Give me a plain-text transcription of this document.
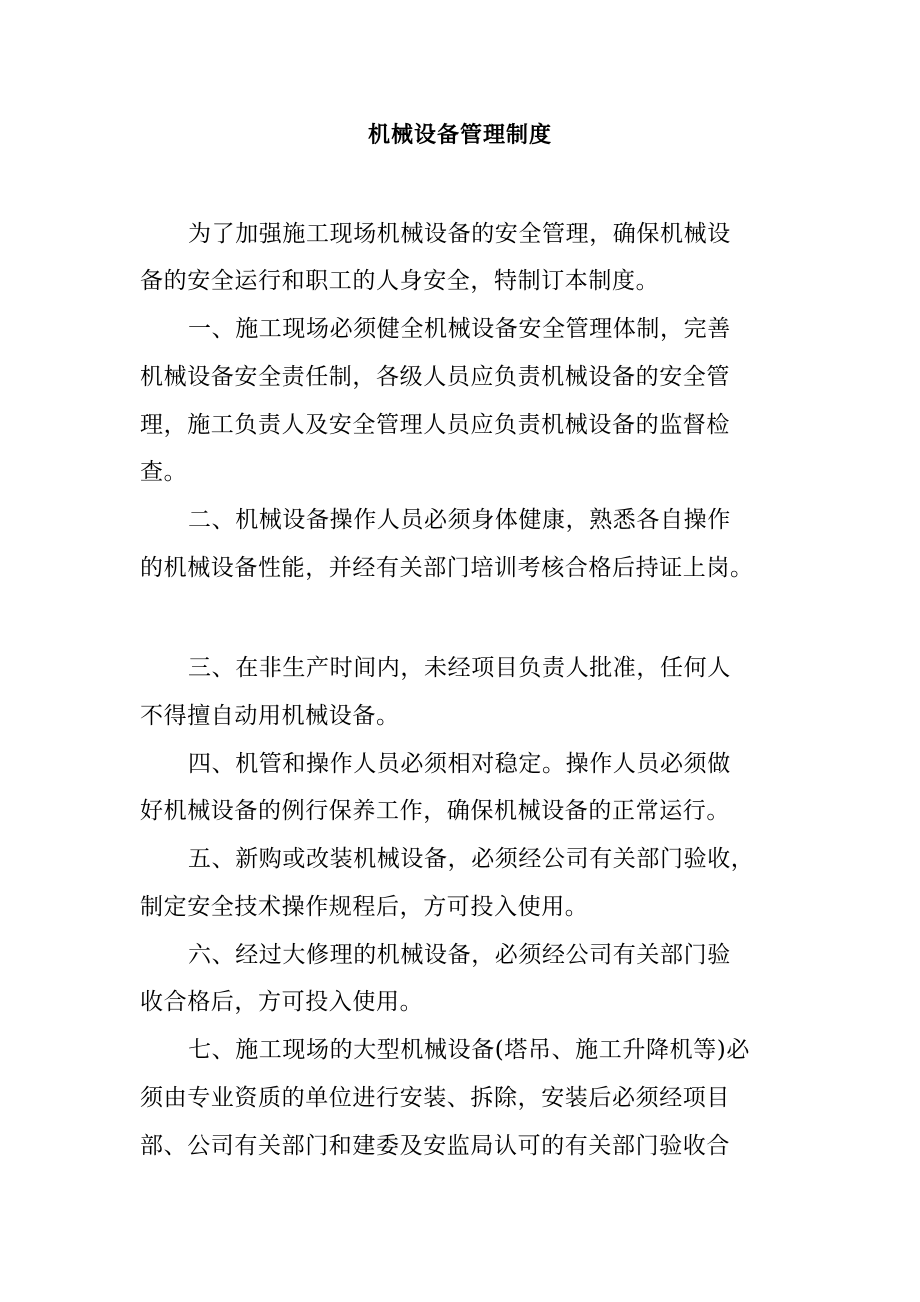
机械设备管理制度
为了加强施工现场机械设备的安全管理，确保机械设
备的安全运行和职工的人身安全，特制订本制度。
一、施工现场必须健全机械设备安全管理体制，完善
机械设备安全责任制，各级人员应负责机械设备的安全管
理，施工负责人及安全管理人员应负责机械设备的监督检
查。
二、机械设备操作人员必须身体健康，熟悉各自操作
的机械设备性能，并经有关部门培训考核合格后持证上岗。
三、在非生产时间内，未经项目负责人批准，任何人
不得擅自动用机械设备。
四、机管和操作人员必须相对稳定。操作人员必须做
好机械设备的例行保养工作，确保机械设备的正常运行。
五、新购或改装机械设备，必须经公司有关部门验收，
制定安全技术操作规程后，方可投入使用。
六、经过大修理的机械设备，必须经公司有关部门验
收合格后，方可投入使用。
七、施工现场的大型机械设备(塔吊、施工升降机等)必
须由专业资质的单位进行安装、拆除，安装后必须经项目
部、公司有关部门和建委及安监局认可的有关部门验收合
